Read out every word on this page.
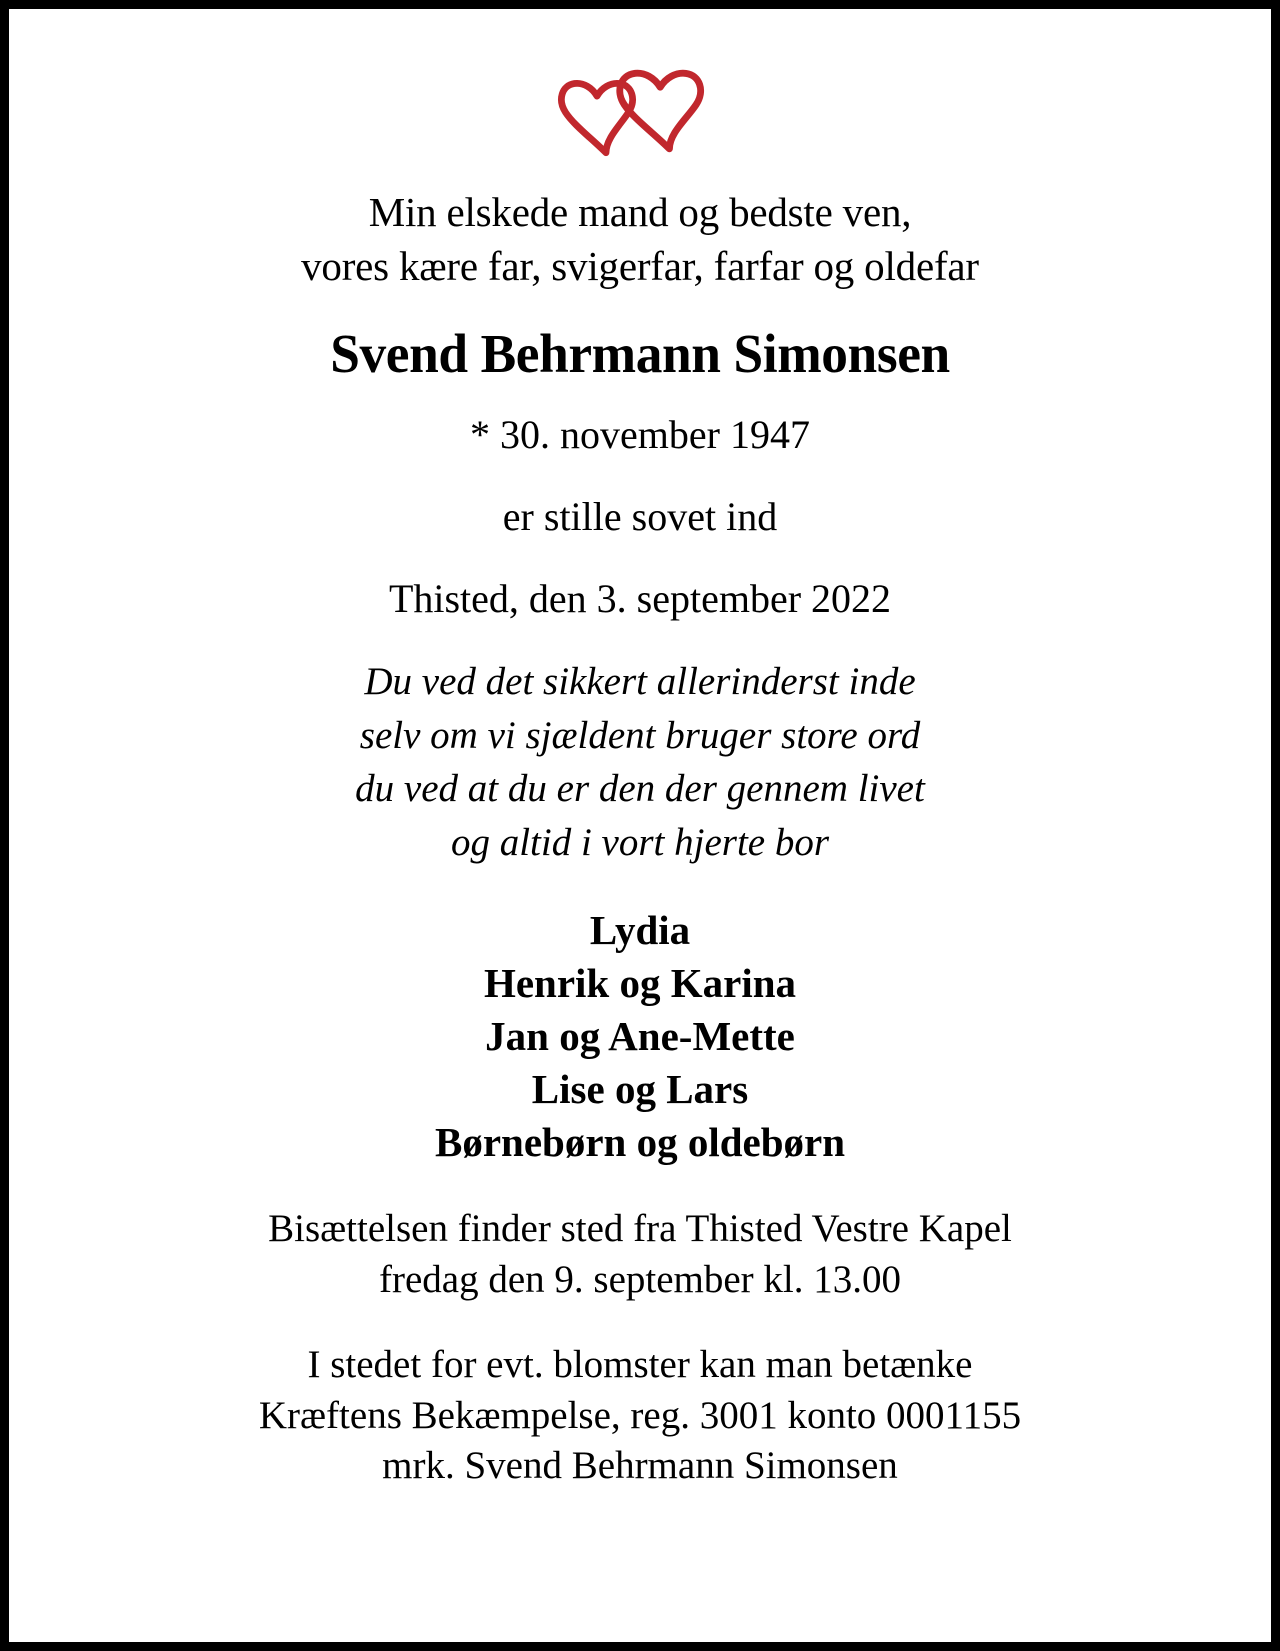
Min elskede mand og bedste ven,
vores kære far, svigerfar, farfar og oldefar
Svend Behrmann Simonsen
* 30. november 1947
er stille sovet ind
Thisted, den 3. september 2022
Du ved det sikkert allerinderst inde
selv om vi sjældent bruger store ord
du ved at du er den der gennem livet
og altid i vort hjerte bor
Lydia
Henrik og Karina
Jan og Ane-Mette
Lise og Lars
Børnebørn og oldebørn
Bisættelsen finder sted fra Thisted Vestre Kapel
fredag den 9. september kl. 13.00
I stedet for evt. blomster kan man betænke
Kræftens Bekæmpelse, reg. 3001 konto 0001155
mrk. Svend Behrmann Simonsen
